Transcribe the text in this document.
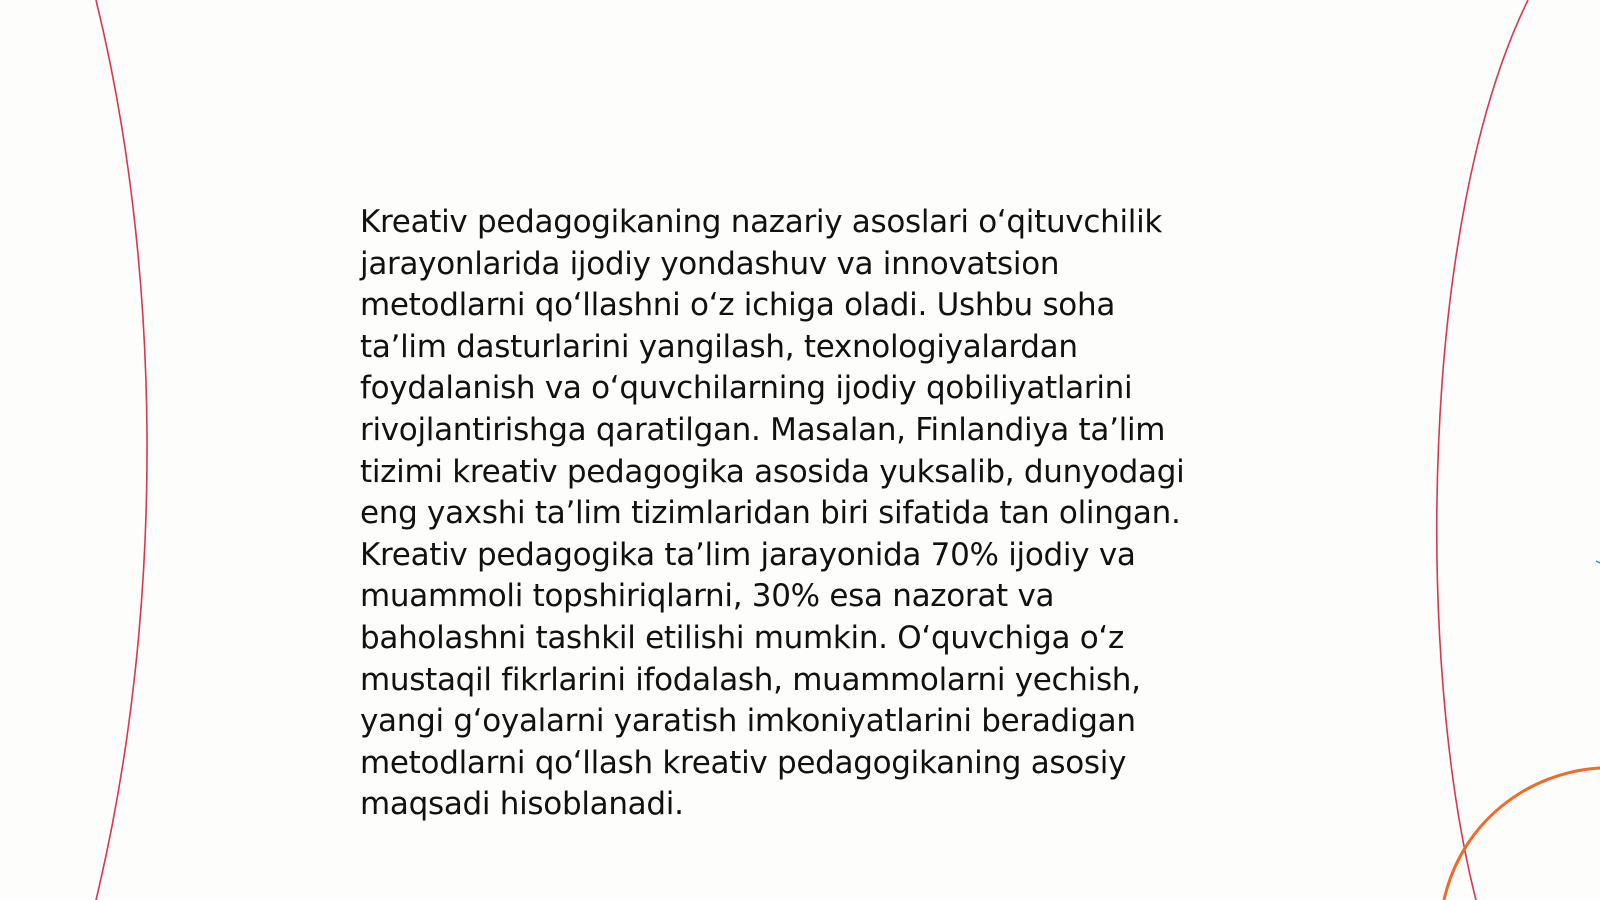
Kreativ pedagogikaning nazariy asoslari o‘qituvchilik
jarayonlarida ijodiy yondashuv va innovatsion
metodlarni qo‘llashni o‘z ichiga oladi. Ushbu soha
ta’lim dasturlarini yangilash, texnologiyalardan
foydalanish va o‘quvchilarning ijodiy qobiliyatlarini
rivojlantirishga qaratilgan. Masalan, Finlandiya ta’lim
tizimi kreativ pedagogika asosida yuksalib, dunyodagi
eng yaxshi ta’lim tizimlaridan biri sifatida tan olingan.
Kreativ pedagogika ta’lim jarayonida 70% ijodiy va
muammoli topshiriqlarni, 30% esa nazorat va
baholashni tashkil etilishi mumkin. O‘quvchiga o‘z
mustaqil fikrlarini ifodalash, muammolarni yechish,
yangi g‘oyalarni yaratish imkoniyatlarini beradigan
metodlarni qo‘llash kreativ pedagogikaning asosiy
maqsadi hisoblanadi.
